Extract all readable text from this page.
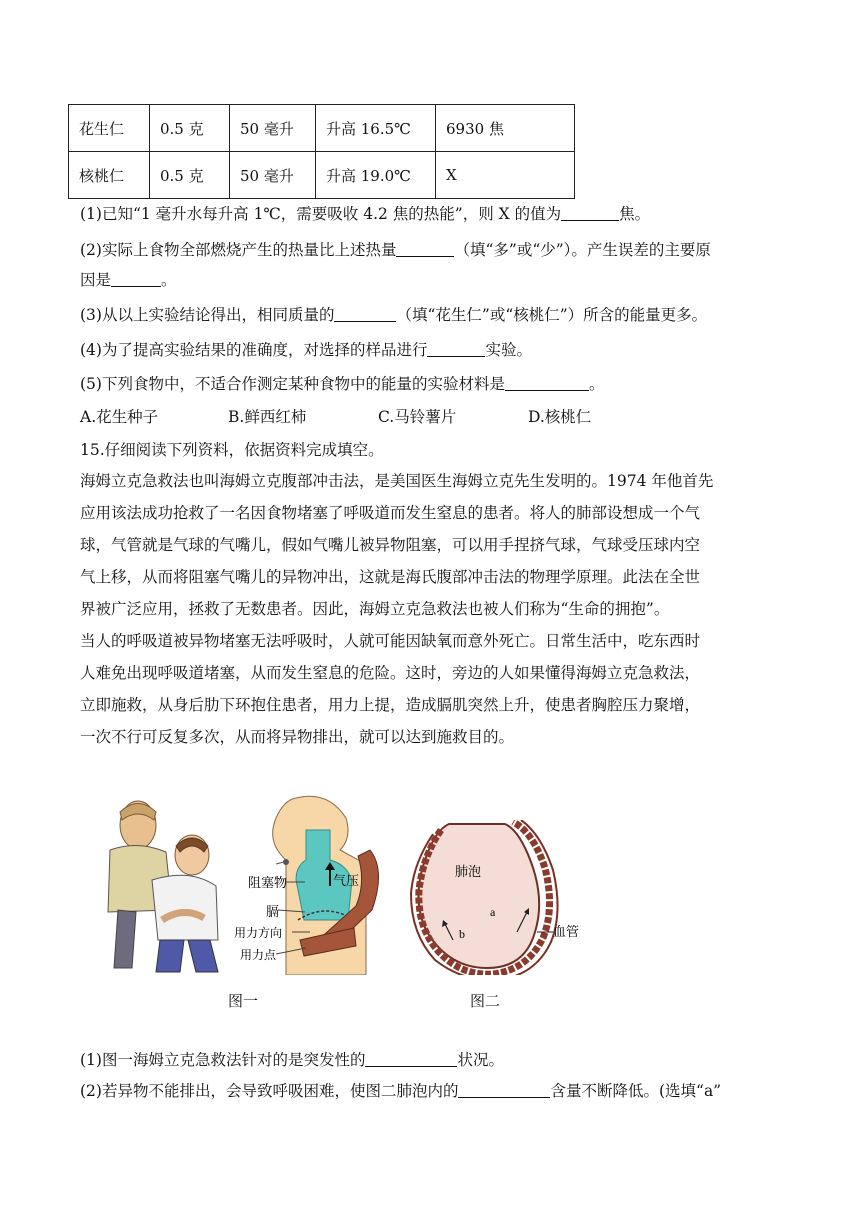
花生仁	0.5 克	50 毫升	升高 16.5℃	6930 焦
核桃仁	0.5 克	50 毫升	升高 19.0℃	X
(1)已知“1 毫升水每升高 1℃，需要吸收 4.2 焦的热能”，则 X 的值为	焦。
(2)实际上食物全部燃烧产生的热量比上述热量	（填“多”或“少”）。产生误差的主要原
因是	。
(3)从以上实验结论得出，相同质量的	（填“花生仁”或“核桃仁”）所含的能量更多。
(4)为了提高实验结果的准确度，对选择的样品进行	实验。
(5)下列食物中，不适合作测定某种食物中的能量的实验材料是	。
A.花生种子	B.鲜西红柿	C.马铃薯片	D.核桃仁
15.仔细阅读下列资料，依据资料完成填空。
海姆立克急救法也叫海姆立克腹部冲击法，是美国医生海姆立克先生发明的。1974 年他首先
应用该法成功抢救了一名因食物堵塞了呼吸道而发生窒息的患者。将人的肺部设想成一个气
球，气管就是气球的气嘴儿，假如气嘴儿被异物阻塞，可以用手捏挤气球，气球受压球内空
气上移，从而将阻塞气嘴儿的异物冲出，这就是海氏腹部冲击法的物理学原理。此法在全世
界被广泛应用，拯救了无数患者。因此，海姆立克急救法也被人们称为“生命的拥抱”。
当人的呼吸道被异物堵塞无法呼吸时，人就可能因缺氧而意外死亡。日常生活中，吃东西时
人难免出现呼吸道堵塞，从而发生窒息的危险。这时，旁边的人如果懂得海姆立克急救法，
立即施救，从身后肋下环抱住患者，用力上提，造成膈肌突然上升，使患者胸腔压力聚增，
一次不行可反复多次，从而将异物排出，就可以达到施救目的。
阻塞物
膈
用力方向
用力点
气压
肺泡
a
b	血管
图一	图二
(1)图一海姆立克急救法针对的是突发性的	状况。
(2)若异物不能排出，会导致呼吸困难，使图二肺泡内的	含量不断降低。(选填“a”
